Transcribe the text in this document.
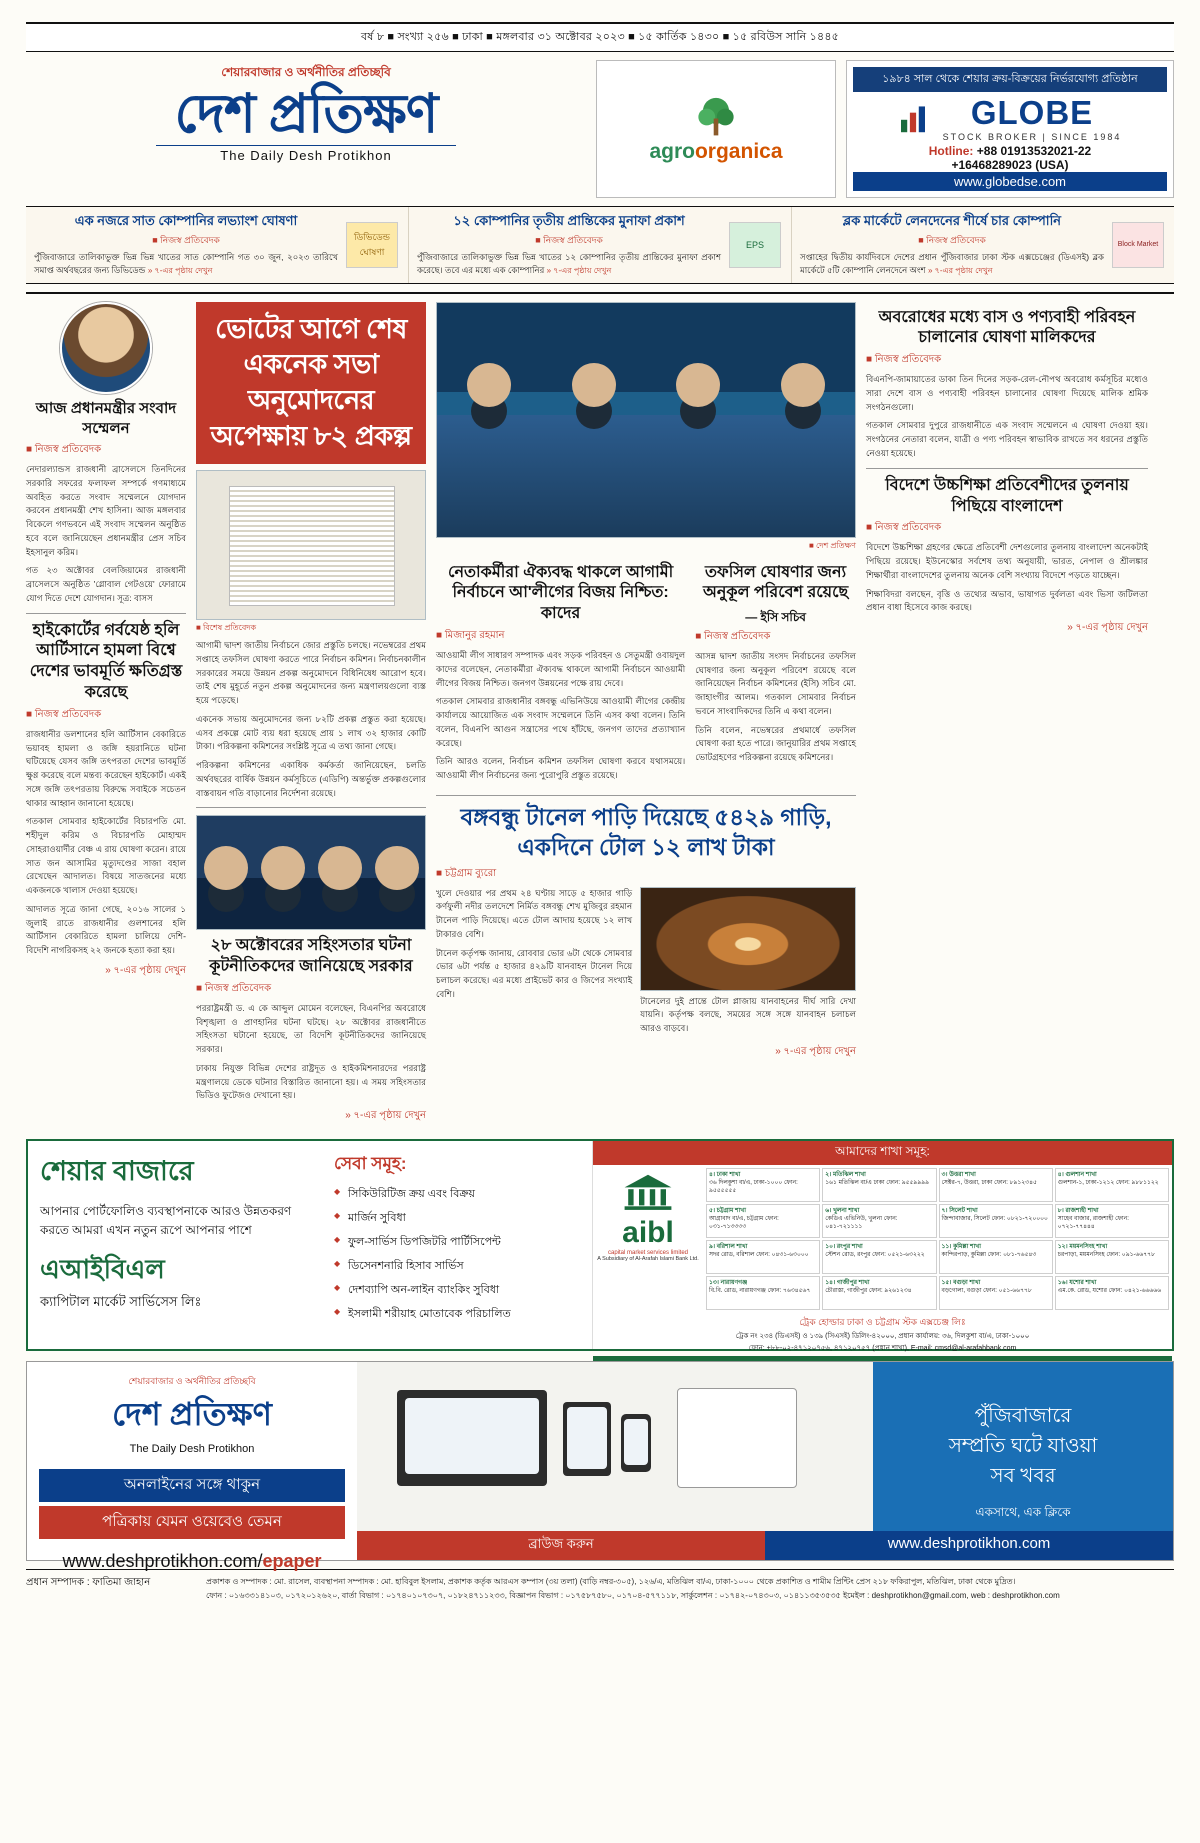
বর্ষ ৮ ■ সংখ্যা ২৫৬ ■ ঢাকা ■ মঙ্গলবার ৩১ অক্টোবর ২০২৩ ■ ১৫ কার্তিক ১৪৩০ ■ ১৫ রবিউস সানি ১৪৪৫
শেয়ারবাজার ও অর্থনীতির প্রতিচ্ছবি
দেশ প্রতিক্ষণ
The Daily Desh Protikhon	agroorganica
১৯৮৪ সাল থেকে শেয়ার ক্রয়-বিক্রয়ের নির্ভরযোগ্য প্রতিষ্ঠান
GLOBE
STOCK BROKER | SINCE 1984
Hotline: +88 01913532021-22
+16468289023 (USA)
www.globedse.com
এক নজরে সাত কোম্পানির লভ্যাংশ ঘোষণা
■ নিজস্ব প্রতিবেদক
পুঁজিবাজারে তালিকাভুক্ত ভিন্ন ভিন্ন খাতের সাত কোম্পানি গত ৩০ জুন, ২০২৩ তারিখে সমাপ্ত অর্থবছরের জন্য ডিভিডেন্ড » ৭-এর পৃষ্ঠায় দেখুন
ডিভিডেন্ড ঘোষণা
১২ কোম্পানির তৃতীয় প্রান্তিকের মুনাফা প্রকাশ
■ নিজস্ব প্রতিবেদক
পুঁজিবাজারে তালিকাভুক্ত ভিন্ন ভিন্ন খাতের ১২ কোম্পানির তৃতীয় প্রান্তিকের মুনাফা প্রকাশ করেছে। তবে এর মধ্যে এক কোম্পানির » ৭-এর পৃষ্ঠায় দেখুন
EPS
ব্লক মার্কেটে লেনদেনের শীর্ষে চার কোম্পানি
■ নিজস্ব প্রতিবেদক
সপ্তাহের দ্বিতীয় কার্যদিবসে দেশের প্রধান পুঁজিবাজার ঢাকা স্টক এক্সচেঞ্জের (ডিএসই) ব্লক মার্কেটে ৫টি কোম্পানি লেনদেনে অংশ » ৭-এর পৃষ্ঠায় দেখুন
Block Market
আজ প্রধানমন্ত্রীর সংবাদ সম্মেলন
■ নিজস্ব প্রতিবেদক

নেদারল্যান্ডস রাজধানী ব্রাসেলসে তিনদিনের সরকারি সফরের ফলাফল সম্পর্কে গণমাধ্যমে অবহিত করতে সংবাদ সম্মেলনে যোগদান করবেন প্রধানমন্ত্রী শেখ হাসিনা। আজ মঙ্গলবার বিকেলে গণভবনে এই সংবাদ সম্মেলন অনুষ্ঠিত হবে বলে জানিয়েছেন প্রধানমন্ত্রীর প্রেস সচিব ইহসানুল করিম।

গত ২৩ অক্টোবর বেলজিয়ামের রাজধানী ব্রাসেলসে অনুষ্ঠিত 'গ্লোবাল গেটওয়ে' ফোরামে যোগ দিতে দেশে যোগদান। সূত্র: বাসস

হাইকোর্টের গর্বযেষ্ঠ হলি আর্টিসানে হামলা বিশ্বে দেশের ভাবমূর্তি ক্ষতিগ্রস্ত করেছে
■ নিজস্ব প্রতিবেদক

রাজধানীর ডলশানের হলি আর্টিসান বেকারিতে ভয়াবহ হামলা ও জঙ্গি হয়রানিতে ঘটনা ঘটিয়েছে যেসব জঙ্গি তৎপরতা দেশের ভাবমূর্তি ক্ষুণ্ণ করেছে বলে মন্তব্য করেছেন হাইকোর্ট। একই সঙ্গে জঙ্গি তৎপরতায় বিরুদ্ধে সবাইকে সচেতন থাকার আহ্বান জানানো হয়েছে।

গতকাল সোমবার হাইকোর্টের বিচারপতি মো. শহীদুল করিম ও বিচারপতি মোহাম্মদ সোহরাওয়ার্দীর বেঞ্চ এ রায় ঘোষণা করেন। রায়ে সাত জন আসামির মৃত্যুদণ্ডের সাজা বহাল রেখেছেন আদালত। বিষয়ে সাতজনের মধ্যে একজনকে খালাস দেওয়া হয়েছে।

আদালত সূত্রে জানা গেছে, ২০১৬ সালের ১ জুলাই রাতে রাজধানীর গুলশানের হলি আর্টিসান বেকারিতে হামলা চালিয়ে দেশি-বিদেশি নাগরিকসহ ২২ জনকে হত্যা করা হয়।

» ৭-এর পৃষ্ঠায় দেখুন
ভোটের আগে শেষ একনেক সভা অনুমোদনের অপেক্ষায় ৮২ প্রকল্প
■ বিশেষ প্রতিবেদক

আগামী দ্বাদশ জাতীয় নির্বাচনে জোর প্রস্তুতি চলছে। নভেম্বরের প্রথম সপ্তাহে তফসিল ঘোষণা করতে পারে নির্বাচন কমিশন। নির্বাচনকালীন সরকারের সময়ে উন্নয়ন প্রকল্প অনুমোদনে বিধিনিষেধ আরোপ হবে। তাই শেষ মুহূর্তে নতুন প্রকল্প অনুমোদনের জন্য মন্ত্রণালয়গুলো ব্যস্ত হয়ে পড়েছে।

একনেক সভায় অনুমোদনের জন্য ৮২টি প্রকল্প প্রস্তুত করা হয়েছে। এসব প্রকল্পে মোট ব্যয় ধরা হয়েছে প্রায় ১ লাখ ৩২ হাজার কোটি টাকা। পরিকল্পনা কমিশনের সংশ্লিষ্ট সূত্রে এ তথ্য জানা গেছে।

পরিকল্পনা কমিশনের একাধিক কর্মকর্তা জানিয়েছেন, চলতি অর্থবছরের বার্ষিক উন্নয়ন কর্মসূচিতে (এডিপি) অন্তর্ভুক্ত প্রকল্পগুলোর বাস্তবায়ন গতি বাড়ানোর নির্দেশনা রয়েছে।

২৮ অক্টোবরের সহিংসতার ঘটনা কূটনীতিকদের জানিয়েছে সরকার
■ নিজস্ব প্রতিবেদক

পররাষ্ট্রমন্ত্রী ড. এ কে আব্দুল মোমেন বলেছেন, বিএনপির অবরোধে বিশৃঙ্খলা ও প্রাণহানির ঘটনা ঘটছে। ২৮ অক্টোবর রাজধানীতে সহিংসতা ঘটানো হয়েছে, তা বিদেশি কূটনীতিকদের জানিয়েছে সরকার।

ঢাকায় নিযুক্ত বিভিন্ন দেশের রাষ্ট্রদূত ও হাইকমিশনারদের পররাষ্ট্র মন্ত্রণালয়ে ডেকে ঘটনার বিস্তারিত জানানো হয়। এ সময় সহিংসতার ভিডিও ফুটেজও দেখানো হয়।

» ৭-এর পৃষ্ঠায় দেখুন
■ দেশ প্রতিক্ষণ
নেতাকর্মীরা ঐক্যবদ্ধ থাকলে আগামী নির্বাচনে আ'লীগের বিজয় নিশ্চিত: কাদের
■ মিজানুর রহমান

আওয়ামী লীগ সাধারণ সম্পাদক এবং সড়ক পরিবহন ও সেতুমন্ত্রী ওবায়দুল কাদের বলেছেন, নেতাকর্মীরা ঐক্যবদ্ধ থাকলে আগামী নির্বাচনে আওয়ামী লীগের বিজয় নিশ্চিত। জনগণ উন্নয়নের পক্ষে রায় দেবে।

গতকাল সোমবার রাজধানীর বঙ্গবন্ধু এভিনিউয়ে আওয়ামী লীগের কেন্দ্রীয় কার্যালয়ে আয়োজিত এক সংবাদ সম্মেলনে তিনি এসব কথা বলেন। তিনি বলেন, বিএনপি আগুন সন্ত্রাসের পথে হাঁটছে, জনগণ তাদের প্রত্যাখ্যান করেছে।

তিনি আরও বলেন, নির্বাচন কমিশন তফসিল ঘোষণা করবে যথাসময়ে। আওয়ামী লীগ নির্বাচনের জন্য পুরোপুরি প্রস্তুত রয়েছে।

তফসিল ঘোষণার জন্য অনুকূল পরিবেশ রয়েছে
— ইসি সচিব
■ নিজস্ব প্রতিবেদক

আসন্ন দ্বাদশ জাতীয় সংসদ নির্বাচনের তফসিল ঘোষণার জন্য অনুকূল পরিবেশ রয়েছে বলে জানিয়েছেন নির্বাচন কমিশনের (ইসি) সচিব মো. জাহাংগীর আলম। গতকাল সোমবার নির্বাচন ভবনে সাংবাদিকদের তিনি এ কথা বলেন।

তিনি বলেন, নভেম্বরের প্রথমার্ধে তফসিল ঘোষণা করা হতে পারে। জানুয়ারির প্রথম সপ্তাহে ভোটগ্রহণের পরিকল্পনা রয়েছে কমিশনের।

বঙ্গবন্ধু টানেল পাড়ি দিয়েছে ৫৪২৯ গাড়ি, একদিনে টোল ১২ লাখ টাকা
■ চট্টগ্রাম ব্যুরো

খুলে দেওয়ার পর প্রথম ২৪ ঘণ্টায় সাড়ে ৫ হাজার গাড়ি কর্ণফুলী নদীর তলদেশে নির্মিত বঙ্গবন্ধু শেখ মুজিবুর রহমান টানেল পাড়ি দিয়েছে। এতে টোল আদায় হয়েছে ১২ লাখ টাকারও বেশি।

টানেল কর্তৃপক্ষ জানায়, রোববার ভোর ৬টা থেকে সোমবার ভোর ৬টা পর্যন্ত ৫ হাজার ৪২৯টি যানবাহন টানেল দিয়ে চলাচল করেছে। এর মধ্যে প্রাইভেট কার ও জিপের সংখ্যাই বেশি।

টানেলের দুই প্রান্তে টোল প্লাজায় যানবাহনের দীর্ঘ সারি দেখা যায়নি। কর্তৃপক্ষ বলছে, সময়ের সঙ্গে সঙ্গে যানবাহন চলাচল আরও বাড়বে।

» ৭-এর পৃষ্ঠায় দেখুন
অবরোধের মধ্যে বাস ও পণ্যবাহী পরিবহন চালানোর ঘোষণা মালিকদের
■ নিজস্ব প্রতিবেদক

বিএনপি-জামায়াতের ডাকা তিন দিনের সড়ক-রেল-নৌপথ অবরোধ কর্মসূচির মধ্যেও সারা দেশে বাস ও পণ্যবাহী পরিবহন চালানোর ঘোষণা দিয়েছে মালিক শ্রমিক সংগঠনগুলো।

গতকাল সোমবার দুপুরে রাজধানীতে এক সংবাদ সম্মেলনে এ ঘোষণা দেওয়া হয়। সংগঠনের নেতারা বলেন, যাত্রী ও পণ্য পরিবহন স্বাভাবিক রাখতে সব ধরনের প্রস্তুতি নেওয়া হয়েছে।

বিদেশে উচ্চশিক্ষা প্রতিবেশীদের তুলনায় পিছিয়ে বাংলাদেশ
■ নিজস্ব প্রতিবেদক

বিদেশে উচ্চশিক্ষা গ্রহণের ক্ষেত্রে প্রতিবেশী দেশগুলোর তুলনায় বাংলাদেশ অনেকটাই পিছিয়ে রয়েছে। ইউনেস্কোর সর্বশেষ তথ্য অনুযায়ী, ভারত, নেপাল ও শ্রীলঙ্কার শিক্ষার্থীরা বাংলাদেশের তুলনায় অনেক বেশি সংখ্যায় বিদেশে পড়তে যাচ্ছেন।

শিক্ষাবিদরা বলছেন, বৃত্তি ও তথ্যের অভাব, ভাষাগত দুর্বলতা এবং ভিসা জটিলতা প্রধান বাধা হিসেবে কাজ করছে।

» ৭-এর পৃষ্ঠায় দেখুন
শেয়ার বাজারে
আপনার পোর্টফোলিও ব্যবস্থাপনাকে আরও উন্নতকরণ করতে আমরা এখন নতুন রূপে আপনার পাশে
এআইবিএল
ক্যাপিটাল মার্কেট সার্ভিসেস লিঃ
সেবা সমূহ:
◆ সিকিউরিটিজ ক্রয় এবং বিক্রয়
◆ মার্জিন সুবিধা
◆ ফুল-সার্ভিস ডিপজিটরি পার্টিসিপেন্ট
◆ ডিসেনশনারি হিসাব সার্ভিস
◆ দেশব্যাপি অন-লাইন ব্যাংকিং সুবিধা
◆ ইসলামী শরীয়াহ মোতাবেক পরিচালিত
আমাদের শাখা সমূহ:
aibl
capital market services limited
A Subsidiary of Al-Arafah Islami Bank Ltd.
৪। ঢাকা শাখা
৩৬ দিলকুশা বা/এ, ঢাকা-১০০০ ফোন: ৯৫৫৫৫৫৫
২। মতিঝিল শাখা
১৬১ মতিঝিল বা/এ ঢাকা ফোন: ৯৫৫৯৯৯৯
৩। উত্তরা শাখা
সেক্টর-৭, উত্তরা, ঢাকা ফোন: ৮৯১২৩৪৫
৪। গুলশান শাখা
গুলশান-১, ঢাকা-১২১২ ফোন: ৯৮৮১১২২
৫। চট্টগ্রাম শাখা
আগ্রাবাদ বা/এ, চট্টগ্রাম ফোন: ০৩১-৭১৩৩৩৩
৬। খুলনা শাখা
কেডিএ এভিনিউ, খুলনা ফোন: ০৪১-৭২১১১১
৭। সিলেট শাখা
জিন্দাবাজার, সিলেট ফোন: ০৮২১-৭২০০০০
৮। রাজশাহী শাখা
সাহেব বাজার, রাজশাহী ফোন: ০৭২১-৭৭৪৪৪
৯। বরিশাল শাখা
সদর রোড, বরিশাল ফোন: ০৪৩১-৬৩০০০
১০। রংপুর শাখা
স্টেশন রোড, রংপুর ফোন: ০৫২১-৬৩২২২
১১। কুমিল্লা শাখা
কান্দিরপাড়, কুমিল্লা ফোন: ০৮১-৭৬৫৪৩
১২। ময়মনসিংহ শাখা
চরপাড়া, ময়মনসিংহ ফোন: ০৯১-৬৬৭৭৮
১৩। নারায়ণগঞ্জ
বি.বি. রোড, নারায়ণগঞ্জ ফোন: ৭৬৩৪৫৬৭
১৪। গাজীপুর শাখা
চৌরাস্তা, গাজীপুর ফোন: ৯২৬১২৩৪
১৫। বগুড়া শাখা
বড়গোলা, বগুড়া ফোন: ০৫১-৬৬৭৭৮
১৬। যশোর শাখা
এম.কে. রোড, যশোর ফোন: ০৪২১-৬৬৬৬৬
ট্রেক হোল্ডার ঢাকা ও চট্টগ্রাম স্টক এক্সচেঞ্জ লিঃ
ট্রেক নং ২৩৪ (ডিএসই) ও ১৩৯ (সিএসই) ডিলিং-৪২০০০, প্রধান কার্যালয়: ৩৬, দিলকুশা বা/এ, ঢাকা-১০০০
ফোন: +৮৮-০২-৪৭১২০৭৫৬, ৪৭১২০৭৫৭ (প্রধান শাখা), E-mail: cmsd@al-arafahbank.com
শেয়ারবাজার ও অর্থনীতির প্রতিচ্ছবি
দেশ প্রতিক্ষণ
The Daily Desh Protikhon
অনলাইনের সঙ্গে থাকুন
পত্রিকায় যেমন ওয়েবেও তেমন
www.deshprotikhon.com/epaper
পুঁজিবাজারে
সম্প্রতি ঘটে যাওয়া
সব খবর
একসাথে, এক ক্লিকে
ব্রাউজ করুন	www.deshprotikhon.com
প্রধান সম্পাদক : ফাতিমা জাহান	প্রকাশক ও সম্পাদক : মো. রাসেল, ব্যবস্থাপনা সম্পাদক : মো. হাবিবুল ইসলাম, প্রকাশক কর্তৃক আরএস কম্পাস (৩য় তলা) (বাড়ি নম্বর-৩০৫), ১২৬/এ, মতিঝিল বা/এ, ঢাকা-১০০০ থেকে প্রকাশিত ও শামীম প্রিন্টিং প্রেস ২১৮ ফকিরাপুল, মতিঝিল, ঢাকা থেকে মুদ্রিত।
ফোন : ০১৬৩৩১৪১০৩, ০১৭২০১২৬২০, বার্তা বিভাগ : ০১৭৪০১০৭৩০৭, ০১৮২৪৭১১২৩৩, বিজ্ঞাপন বিভাগ : ০১৭৫৮৭৫৮০, ০১৭০৪-৫৭৭১১৮, সার্কুলেশন : ০১৭৪২-০৭৪৩০৩, ০১৪১১৩৫৩৫৩৫ ইমেইল : deshprotikhon@gmail.com, web : deshprotikhon.com
